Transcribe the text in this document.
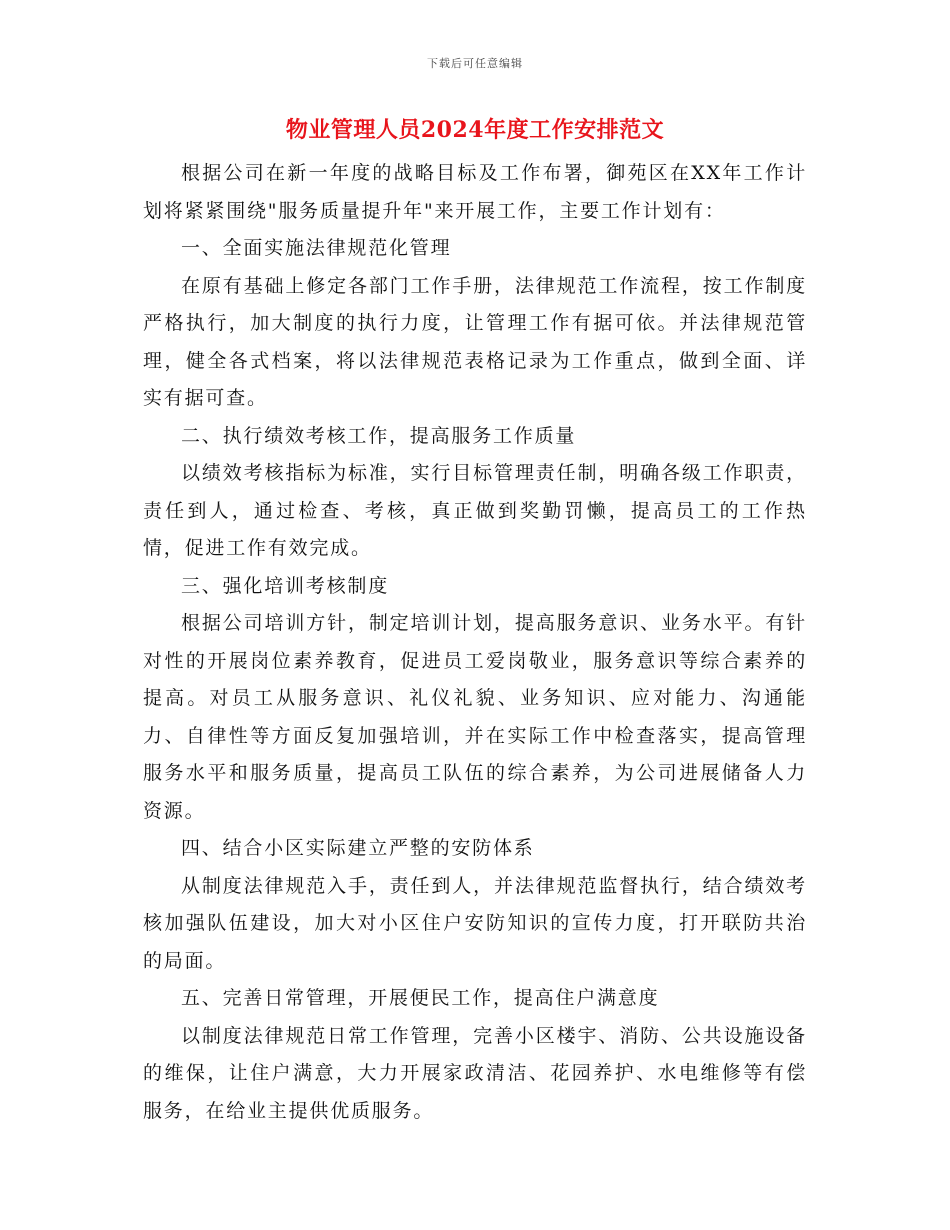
下载后可任意编辑
物业管理人员2024年度工作安排范文

根据公司在新一年度的战略目标及工作布署，御苑区在XX年工作计划将紧紧围绕"服务质量提升年"来开展工作，主要工作计划有：

一、全面实施法律规范化管理

在原有基础上修定各部门工作手册，法律规范工作流程，按工作制度严格执行，加大制度的执行力度，让管理工作有据可依。并法律规范管理，健全各式档案，将以法律规范表格记录为工作重点，做到全面、详实有据可查。

二、执行绩效考核工作，提高服务工作质量

以绩效考核指标为标准，实行目标管理责任制，明确各级工作职责，责任到人，通过检查、考核，真正做到奖勤罚懒，提高员工的工作热情，促进工作有效完成。

三、强化培训考核制度

根据公司培训方针，制定培训计划，提高服务意识、业务水平。有针对性的开展岗位素养教育，促进员工爱岗敬业，服务意识等综合素养的提高。对员工从服务意识、礼仪礼貌、业务知识、应对能力、沟通能力、自律性等方面反复加强培训，并在实际工作中检查落实，提高管理服务水平和服务质量，提高员工队伍的综合素养，为公司进展储备人力资源。

四、结合小区实际建立严整的安防体系

从制度法律规范入手，责任到人，并法律规范监督执行，结合绩效考核加强队伍建设，加大对小区住户安防知识的宣传力度，打开联防共治的局面。

五、完善日常管理，开展便民工作，提高住户满意度

以制度法律规范日常工作管理，完善小区楼宇、消防、公共设施设备的维保，让住户满意，大力开展家政清洁、花园养护、水电维修等有偿服务，在给业主提供优质服务。
